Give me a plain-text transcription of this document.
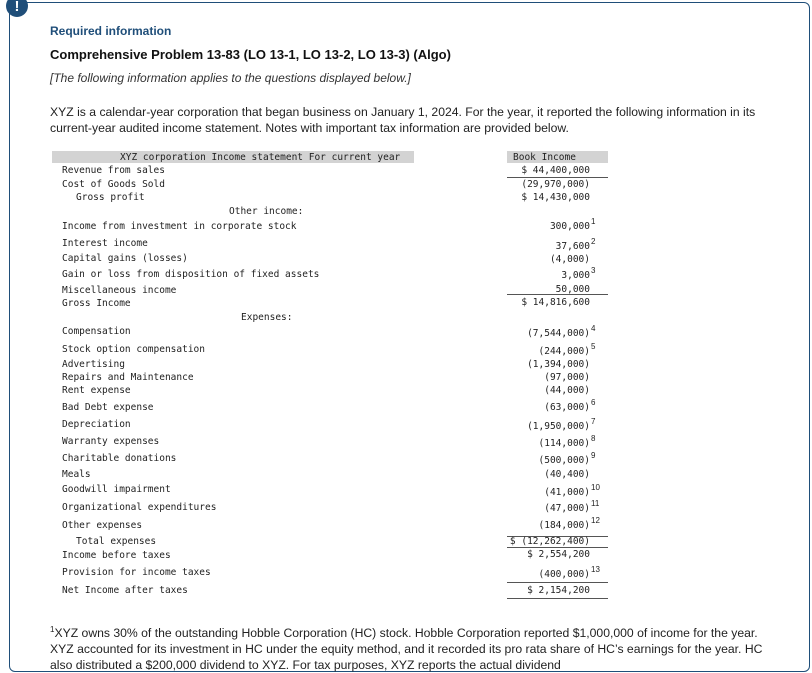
!
Required information
Comprehensive Problem 13-83 (LO 13-1, LO 13-2, LO 13-3) (Algo)
[The following information applies to the questions displayed below.]
XYZ is a calendar-year corporation that began business on January 1, 2024. For the year, it reported the following information in its current-year audited income statement. Notes with important tax information are provided below.
XYZ corporation Income statement For current year	Book Income
Revenue from sales
Cost of Goods Sold
Gross profit
Other income:
Income from investment in corporate stock
Interest income
Capital gains (losses)
Gain or loss from disposition of fixed assets
Miscellaneous income
Gross Income
Expenses:
Compensation
Stock option compensation
Advertising
Repairs and Maintenance
Rent expense
Bad Debt expense
Depreciation
Warranty expenses
Charitable donations
Meals
Goodwill impairment
Organizational expenditures
Other expenses
Total expenses
Income before taxes
Provision for income taxes
Net Income after taxes
$ 44,400,000
(29,970,000)
$ 14,430,000
300,000 1
37,600 2
(4,000)
3,000 3
50,000
$ 14,816,600
(7,544,000) 4
(244,000) 5
(1,394,000)
(97,000)
(44,000)
(63,000) 6
(1,950,000) 7
(114,000) 8
(500,000) 9
(40,400)
(41,000) 10
(47,000) 11
(184,000) 12
$ (12,262,400)
$ 2,554,200
(400,000) 13
$ 2,154,200
$^1$XYZ owns 30% of the outstanding Hobble Corporation (HC) stock. Hobble Corporation reported $1,000,000 of income for the year. XYZ accounted for its investment in HC under the equity method, and it recorded its pro rata share of HC’s earnings for the year. HC also distributed a $200,000 dividend to XYZ. For tax purposes, XYZ reports the actual dividend
